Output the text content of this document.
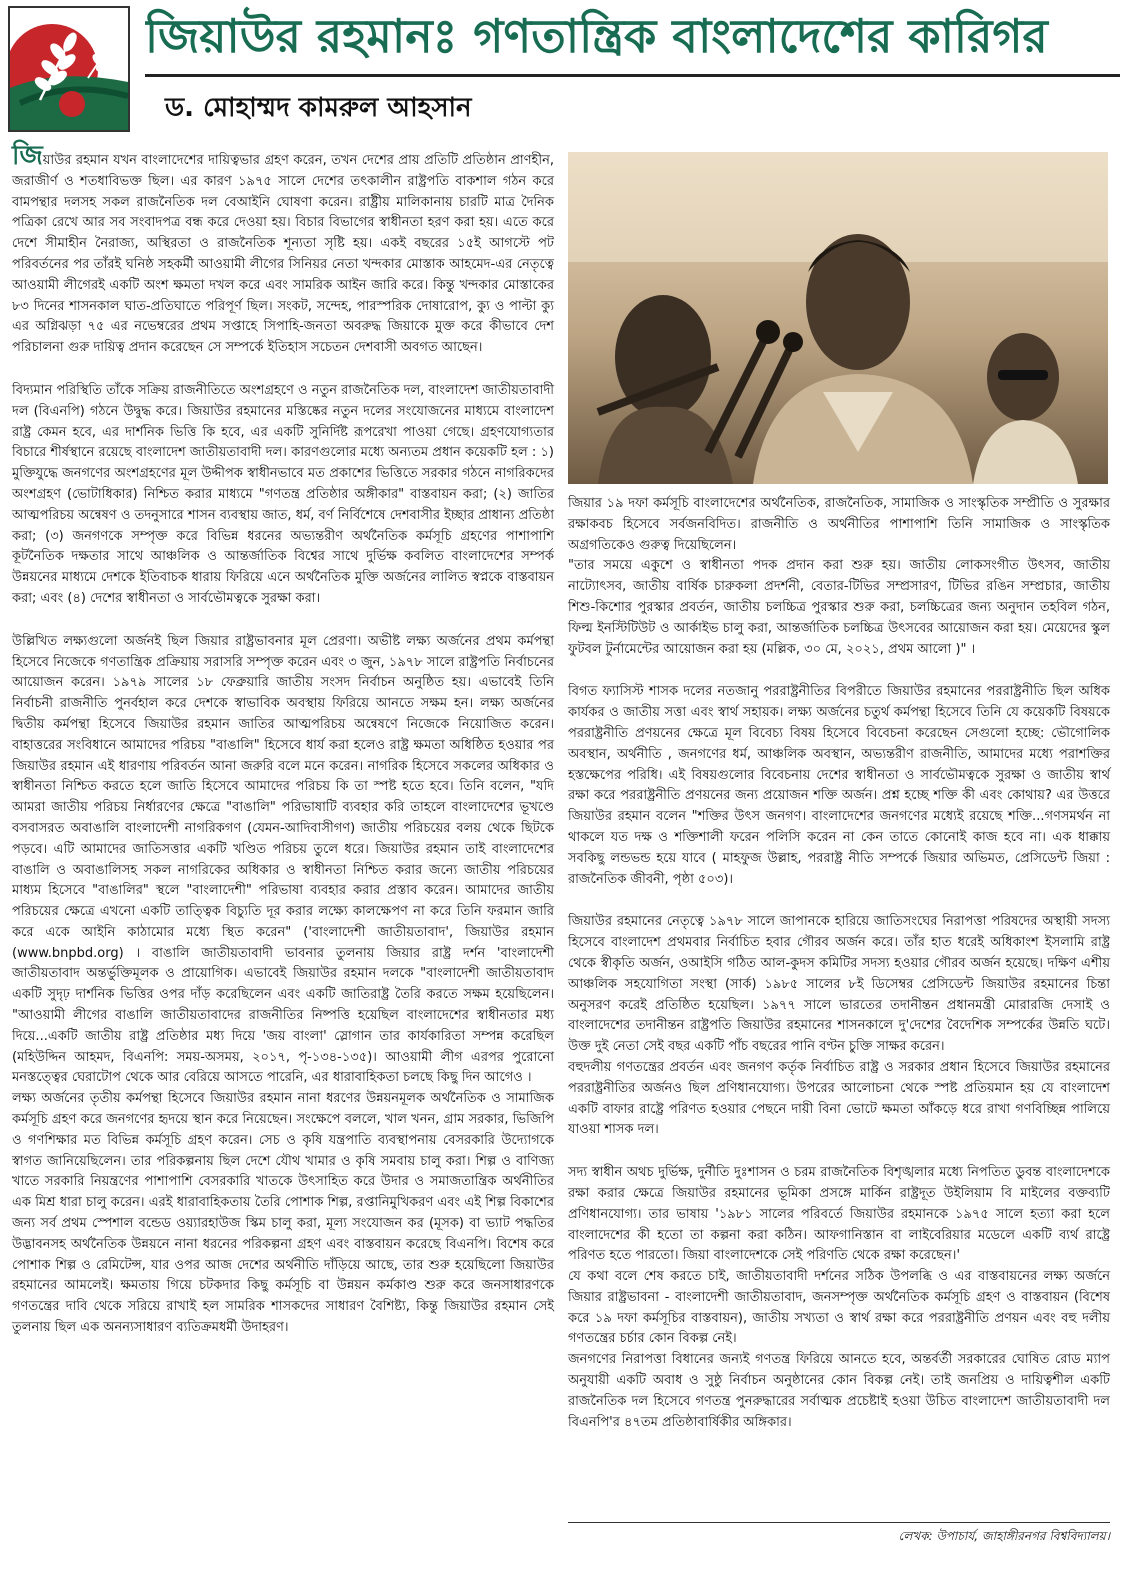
জিয়াউর রহমানঃ গণতান্ত্রিক বাংলাদেশের কারিগর
ড. মোহাম্মদ কামরুল আহসান

জিয়াউর রহমান যখন বাংলাদেশের দায়িত্বভার গ্রহণ করেন, তখন দেশের প্রায় প্রতিটি প্রতিষ্ঠান প্রাণহীন, জরাজীর্ণ ও শতধাবিভক্ত ছিল। এর কারণ ১৯৭৫ সালে দেশের তৎকালীন রাষ্ট্রপতি বাকশাল গঠন করে বামপন্থার দলসহ সকল রাজনৈতিক দল বেআইনি ঘোষণা করেন। রাষ্ট্রীয় মালিকানায় চারটি মাত্র দৈনিক পত্রিকা রেখে আর সব সংবাদপত্র বন্ধ করে দেওয়া হয়। বিচার বিভাগের স্বাধীনতা হরণ করা হয়। এতে করে দেশে সীমাহীন নৈরাজ্য, অস্থিরতা ও রাজনৈতিক শূন্যতা সৃষ্টি হয়। একই বছরের ১৫ই আগস্টে পট পরিবর্তনের পর তাঁরই ঘনিষ্ঠ সহকর্মী আওয়ামী লীগের সিনিয়র নেতা খন্দকার মোস্তাক আহমেদ-এর নেতৃত্বে আওয়ামী লীগেরই একটি অংশ ক্ষমতা দখল করে এবং সামরিক আইন জারি করে। কিন্তু খন্দকার মোস্তাকের ৮৩ দিনের শাসনকাল ঘাত-প্রতিঘাতে পরিপূর্ণ ছিল। সংকট, সন্দেহ, পারস্পরিক দোষারোপ, ক্যু ও পাল্টা ক্যু এর অগ্নিঝড়া ৭৫ এর নভেম্বরের প্রথম সপ্তাহে সিপাহি-জনতা অবরুদ্ধ জিয়াকে মুক্ত করে কীভাবে দেশ পরিচালনা গুরু দায়িত্ব প্রদান করেছেন সে সম্পর্কে ইতিহাস সচেতন দেশবাসী অবগত আছেন।

বিদ্যমান পরিস্থিতি তাঁকে সক্রিয় রাজনীতিতে অংশগ্রহণে ও নতুন রাজনৈতিক দল, বাংলাদেশ জাতীয়তাবাদী দল (বিএনপি) গঠনে উদ্বুদ্ধ করে। জিয়াউর রহমানের মস্তিষ্কের নতুন দলের সংযোজনের মাধ্যমে বাংলাদেশ রাষ্ট্র কেমন হবে, এর দার্শনিক ভিত্তি কি হবে, এর একটি সুনির্দিষ্ট রূপরেখা পাওয়া গেছে। গ্রহণযোগ্যতার বিচারে শীর্ষস্থানে রয়েছে বাংলাদেশ জাতীয়তাবাদী দল। কারণগুলোর মধ্যে অন্যতম প্রধান কয়েকটি হল : ১) মুক্তিযুদ্ধে জনগণের অংশগ্রহণের মূল উদ্দীপক স্বাধীনভাবে মত প্রকাশের ভিত্তিতে সরকার গঠনে নাগরিকদের অংশগ্রহণ (ভোটাধিকার) নিশ্চিত করার মাধ্যমে "গণতন্ত্র প্রতিষ্ঠার অঙ্গীকার" বাস্তবায়ন করা; (২) জাতির আত্মপরিচয় অন্বেষণ ও তদনুসারে শাসন ব্যবস্থায় জাত, ধর্ম, বর্ণ নির্বিশেষে দেশবাসীর ইচ্ছার প্রাধান্য প্রতিষ্ঠা করা; (৩) জনগণকে সম্পৃক্ত করে বিভিন্ন ধরনের অভ্যন্তরীণ অর্থনৈতিক কর্মসূচি গ্রহণের পাশাপাশি কূটনৈতিক দক্ষতার সাথে আঞ্চলিক ও আন্তর্জাতিক বিশ্বের সাথে দুর্ভিক্ষ কবলিত বাংলাদেশের সম্পর্ক উন্নয়নের মাধ্যমে দেশকে ইতিবাচক ধারায় ফিরিয়ে এনে অর্থনৈতিক মুক্তি অর্জনের লালিত স্বপ্নকে বাস্তবায়ন করা; এবং (৪) দেশের স্বাধীনতা ও সার্বভৌমত্বকে সুরক্ষা করা।

উল্লিখিত লক্ষ্যগুলো অর্জনই ছিল জিয়ার রাষ্ট্রভাবনার মূল প্রেরণা। অভীষ্ট লক্ষ্য অর্জনের প্রথম কর্মপন্থা হিসেবে নিজেকে গণতান্ত্রিক প্রক্রিয়ায় সরাসরি সম্পৃক্ত করেন এবং ৩ জুন, ১৯৭৮ সালে রাষ্ট্রপতি নির্বাচনের আয়োজন করেন। ১৯৭৯ সালের ১৮ ফেব্রুয়ারি জাতীয় সংসদ নির্বাচন অনুষ্ঠিত হয়। এভাবেই তিনি নির্বাচনী রাজনীতি পুনর্বহাল করে দেশকে স্বাভাবিক অবস্থায় ফিরিয়ে আনতে সক্ষম হন। লক্ষ্য অর্জনের দ্বিতীয় কর্মপন্থা হিসেবে জিয়াউর রহমান জাতির আত্মপরিচয় অন্বেষণে নিজেকে নিয়োজিত করেন। বাহাত্তরের সংবিধানে আমাদের পরিচয় "বাঙালি" হিসেবে ধার্য করা হলেও রাষ্ট্র ক্ষমতা অধিষ্ঠিত হওয়ার পর জিয়াউর রহমান এই ধারণায় পরিবর্তন আনা জরুরি বলে মনে করেন। নাগরিক হিসেবে সকলের অধিকার ও স্বাধীনতা নিশ্চিত করতে হলে জাতি হিসেবে আমাদের পরিচয় কি তা স্পষ্ট হতে হবে। তিনি বলেন, "যদি আমরা জাতীয় পরিচয় নির্ধারণের ক্ষেত্রে "বাঙালি" পরিভাষাটি ব্যবহার করি তাহলে বাংলাদেশের ভূখণ্ডে বসবাসরত অবাঙালি বাংলাদেশী নাগরিকগণ (যেমন-আদিবাসীগণ) জাতীয় পরিচয়ের বলয় থেকে ছিটকে পড়বে। এটি আমাদের জাতিসত্তার একটি খণ্ডিত পরিচয় তুলে ধরে। জিয়াউর রহমান তাই বাংলাদেশের বাঙালি ও অবাঙালিসহ সকল নাগরিকের অধিকার ও স্বাধীনতা নিশ্চিত করার জন্যে জাতীয় পরিচয়ের মাধ্যম হিসেবে "বাঙালির" স্থলে "বাংলাদেশী" পরিভাষা ব্যবহার করার প্রস্তাব করেন। আমাদের জাতীয় পরিচয়ের ক্ষেত্রে এখনো একটি তাত্ত্বিক বিচ্যুতি দূর করার লক্ষ্যে কালক্ষেপণ না করে তিনি ফরমান জারি করে একে আইনি কাঠামোর মধ্যে স্থিত করেন" ('বাংলাদেশী জাতীয়তাবাদ', জিয়াউর রহমান (www.bnpbd.org) । বাঙালি জাতীয়তাবাদী ভাবনার তুলনায় জিয়ার রাষ্ট্র দর্শন 'বাংলাদেশী জাতীয়তাবাদ অন্তর্ভুক্তিমূলক ও প্রায়োগিক। এভাবেই জিয়াউর রহমান দলকে "বাংলাদেশী জাতীয়তাবাদ একটি সুদৃঢ় দার্শনিক ভিত্তির ওপর দাঁড় করেছিলেন এবং একটি জাতিরাষ্ট্র তৈরি করতে সক্ষম হয়েছিলেন। "আওয়ামী লীগের বাঙালি জাতীয়তাবাদের রাজনীতির নিষ্পত্তি হয়েছিল বাংলাদেশের স্বাধীনতার মধ্য দিয়ে...একটি জাতীয় রাষ্ট্র প্রতিষ্ঠার মধ্য দিয়ে 'জয় বাংলা' স্লোগান তার কার্যকারিতা সম্পন্ন করেছিল (মহিউদ্দিন আহমদ, বিএনপি: সময়-অসময়, ২০১৭, পৃ-১৩৪-১৩৫)। আওয়ামী লীগ এরপর পুরোনো মনস্তত্ত্বের ঘেরাটোপ থেকে আর বেরিয়ে আসতে পারেনি, এর ধারাবাহিকতা চলছে কিছু দিন আগেও ।

লক্ষ্য অর্জনের তৃতীয় কর্মপন্থা হিসেবে জিয়াউর রহমান নানা ধরণের উন্নয়নমূলক অর্থনৈতিক ও সামাজিক কর্মসূচি গ্রহণ করে জনগণের হৃদয়ে স্থান করে নিয়েছেন। সংক্ষেপে বললে, খাল খনন, গ্রাম সরকার, ভিজিপি ও গণশিক্ষার মত বিভিন্ন কর্মসূচি গ্রহণ করেন। সেচ ও কৃষি যন্ত্রপাতি ব্যবস্থাপনায় বেসরকারি উদ্যোগকে স্বাগত জানিয়েছিলেন। তার পরিকল্পনায় ছিল দেশে যৌথ খামার ও কৃষি সমবায় চালু করা। শিল্প ও বাণিজ্য খাতে সরকারি নিয়ন্ত্রণের পাশাপাশি বেসরকারি খাতকে উৎসাহিত করে উদার ও সমাজতান্ত্রিক অর্থনীতির এক মিশ্র ধারা চালু করেন। এরই ধারাবাহিকতায় তৈরি পোশাক শিল্প, রপ্তানিমুখিকরণ এবং এই শিল্প বিকাশের জন্য সর্ব প্রথম স্পেশাল বন্ডেড ওয়্যারহাউজ স্কিম চালু করা, মূল্য সংযোজন কর (মূসক) বা ভ্যাট পদ্ধতির উদ্ভাবনসহ অর্থনৈতিক উন্নয়নে নানা ধরনের পরিকল্পনা গ্রহণ এবং বাস্তবায়ন করেছে বিএনপি। বিশেষ করে পোশাক শিল্প ও রেমিটেন্স, যার ওপর আজ দেশের অর্থনীতি দাঁড়িয়ে আছে, তার শুরু হয়েছিলো জিয়াউর রহমানের আমলেই। ক্ষমতায় গিয়ে চটকদার কিছু কর্মসূচি বা উন্নয়ন কর্মকাণ্ড শুরু করে জনসাধারণকে গণতন্ত্রের দাবি থেকে সরিয়ে রাখাই হল সামরিক শাসকদের সাধারণ বৈশিষ্ট্য, কিন্তু জিয়াউর রহমান সেই তুলনায় ছিল এক অনন্যসাধারণ ব্যতিক্রমধর্মী উদাহরণ।

জিয়ার ১৯ দফা কর্মসূচি বাংলাদেশের অর্থনৈতিক, রাজনৈতিক, সামাজিক ও সাংস্কৃতিক সম্প্রীতি ও সুরক্ষার রক্ষাকবচ হিসেবে সর্বজনবিদিত। রাজনীতি ও অর্থনীতির পাশাপাশি তিনি সামাজিক ও সাংস্কৃতিক অগ্রগতিকেও গুরুত্ব দিয়েছিলেন।

"তার সময়ে একুশে ও স্বাধীনতা পদক প্রদান করা শুরু হয়। জাতীয় লোকসংগীত উৎসব, জাতীয় নাট্যোৎসব, জাতীয় বার্ষিক চারুকলা প্রদর্শনী, বেতার-টিভির সম্প্রসারণ, টিভির রঙিন সম্প্রচার, জাতীয় শিশু-কিশোর পুরস্কার প্রবর্তন, জাতীয় চলচ্চিত্র পুরস্কার শুরু করা, চলচ্চিত্রের জন্য অনুদান তহবিল গঠন, ফিল্ম ইনস্টিটিউট ও আর্কাইভ চালু করা, আন্তর্জাতিক চলচ্চিত্র উৎসবের আয়োজন করা হয়। মেয়েদের স্কুল ফুটবল টুর্নামেন্টের আয়োজন করা হয় (মল্লিক, ৩০ মে, ২০২১, প্রথম আলো )" ।

বিগত ফ্যাসিস্ট শাসক দলের নতজানু পররাষ্ট্রনীতির বিপরীতে জিয়াউর রহমানের পররাষ্ট্রনীতি ছিল অধিক কার্যকর ও জাতীয় সত্তা এবং স্বার্থ সহায়ক। লক্ষ্য অর্জনের চতুর্থ কর্মপন্থা হিসেবে তিনি যে কয়েকটি বিষয়কে পররাষ্ট্রনীতি প্রণয়নের ক্ষেত্রে মূল বিবেচ্য বিষয় হিসেবে বিবেচনা করেছেন সেগুলো হচ্ছে: ভৌগোলিক অবস্থান, অর্থনীতি , জনগণের ধর্ম, আঞ্চলিক অবস্থান, অভ্যন্তরীণ রাজনীতি, আমাদের মধ্যে পরাশক্তির হস্তক্ষেপের পরিধি। এই বিষয়গুলোর বিবেচনায় দেশের স্বাধীনতা ও সার্বভৌমত্বকে সুরক্ষা ও জাতীয় স্বার্থ রক্ষা করে পররাষ্ট্রনীতি প্রণয়নের জন্য প্রয়োজন শক্তি অর্জন। প্রশ্ন হচ্ছে শক্তি কী এবং কোথায়? এর উত্তরে জিয়াউর রহমান বলেন "শক্তির উৎস জনগণ। বাংলাদেশের জনগণের মধ্যেই রয়েছে শক্তি...গণসমর্থন না থাকলে যত দক্ষ ও শক্তিশালী ফরেন পলিসি করেন না কেন তাতে কোনোই কাজ হবে না। এক ধাক্কায় সবকিছু লন্ডভন্ড হয়ে যাবে ( মাহফুজ উল্লাহ, পররাষ্ট্র নীতি সম্পর্কে জিয়ার অভিমত, প্রেসিডেন্ট জিয়া : রাজনৈতিক জীবনী, পৃষ্ঠা ৫০৩)।

জিয়াউর রহমানের নেতৃত্বে ১৯৭৮ সালে জাপানকে হারিয়ে জাতিসংঘের নিরাপত্তা পরিষদের অস্থায়ী সদস্য হিসেবে বাংলাদেশ প্রথমবার নির্বাচিত হবার গৌরব অর্জন করে। তাঁর হাত ধরেই অধিকাংশ ইসলামি রাষ্ট্র থেকে স্বীকৃতি অর্জন, ওআইসি গঠিত আল-কুদস কমিটির সদস্য হওয়ার গৌরব অর্জন হয়েছে। দক্ষিণ এশীয় আঞ্চলিক সহযোগিতা সংস্থা (সার্ক) ১৯৮৫ সালের ৮ই ডিসেম্বর প্রেসিডেন্ট জিয়াউর রহমানের চিন্তা অনুসরণ করেই প্রতিষ্ঠিত হয়েছিল। ১৯৭৭ সালে ভারতের তদানীন্তন প্রধানমন্ত্রী মোরারজি দেসাই ও বাংলাদেশের তদানীন্তন রাষ্ট্রপতি জিয়াউর রহমানের শাসনকালে দু'দেশের বৈদেশিক সম্পর্কের উন্নতি ঘটে। উক্ত দুই নেতা সেই বছর একটি পাঁচ বছরের পানি বণ্টন চুক্তি সাক্ষর করেন।

বহুদলীয় গণতন্ত্রের প্রবর্তন এবং জনগণ কর্তৃক নির্বাচিত রাষ্ট্র ও সরকার প্রধান হিসেবে জিয়াউর রহমানের পররাষ্ট্রনীতির অর্জনও ছিল প্রণিধানযোগ্য। উপরের আলোচনা থেকে স্পষ্ট প্রতিয়মান হয় যে বাংলাদেশ একটি বাফার রাষ্ট্রে পরিণত হওয়ার পেছনে দায়ী বিনা ভোটে ক্ষমতা আঁকড়ে ধরে রাখা গণবিচ্ছিন্ন পালিয়ে যাওয়া শাসক দল।

সদ্য স্বাধীন অথচ দুর্ভিক্ষ, দুর্নীতি দুঃশাসন ও চরম রাজনৈতিক বিশৃঙ্খলার মধ্যে নিপতিত ডুবন্ত বাংলাদেশকে রক্ষা করার ক্ষেত্রে জিয়াউর রহমানের ভূমিকা প্রসঙ্গে মার্কিন রাষ্ট্রদূত উইলিয়াম বি মাইলের বক্তব্যটি প্রণিধানযোগ্য। তার ভাষায় '১৯৮১ সালের পরিবর্তে জিয়াউর রহমানকে ১৯৭৫ সালে হত্যা করা হলে বাংলাদেশের কী হতো তা কল্পনা করা কঠিন। আফগানিস্তান বা লাইবেরিয়ার মডেলে একটি ব্যর্থ রাষ্ট্রে পরিণত হতে পারতো। জিয়া বাংলাদেশকে সেই পরিণতি থেকে রক্ষা করেছেন।'

যে কথা বলে শেষ করতে চাই, জাতীয়তাবাদী দর্শনের সঠিক উপলব্ধি ও এর বাস্তবায়নের লক্ষ্য অর্জনে জিয়ার রাষ্ট্রভাবনা - বাংলাদেশী জাতীয়তাবাদ, জনসম্পৃক্ত অর্থনৈতিক কর্মসূচি গ্রহণ ও বাস্তবায়ন (বিশেষ করে ১৯ দফা কর্মসূচির বাস্তবায়ন), জাতীয় সখ্যতা ও স্বার্থ রক্ষা করে পররাষ্ট্রনীতি প্রণয়ন এবং বহু দলীয় গণতন্ত্রের চর্চার কোন বিকল্প নেই।

জনগণের নিরাপত্তা বিধানের জন্যই গণতন্ত্র ফিরিয়ে আনতে হবে, অন্তর্বর্তী সরকারের ঘোষিত রোড ম্যাপ অনুযায়ী একটি অবাধ ও সুষ্ঠু নির্বাচন অনুষ্ঠানের কোন বিকল্প নেই। তাই জনপ্রিয় ও দায়িত্বশীল একটি রাজনৈতিক দল হিসেবে গণতন্ত্র পুনরুদ্ধারের সর্বাত্মক প্রচেষ্টাই হওয়া উচিত বাংলাদেশ জাতীয়তাবাদী দল বিএনপি'র ৪৭তম প্রতিষ্ঠাবার্ষিকীর অঙ্গিকার।

লেখক: উপাচার্য, জাহাঙ্গীরনগর বিশ্ববিদ্যালয়।
